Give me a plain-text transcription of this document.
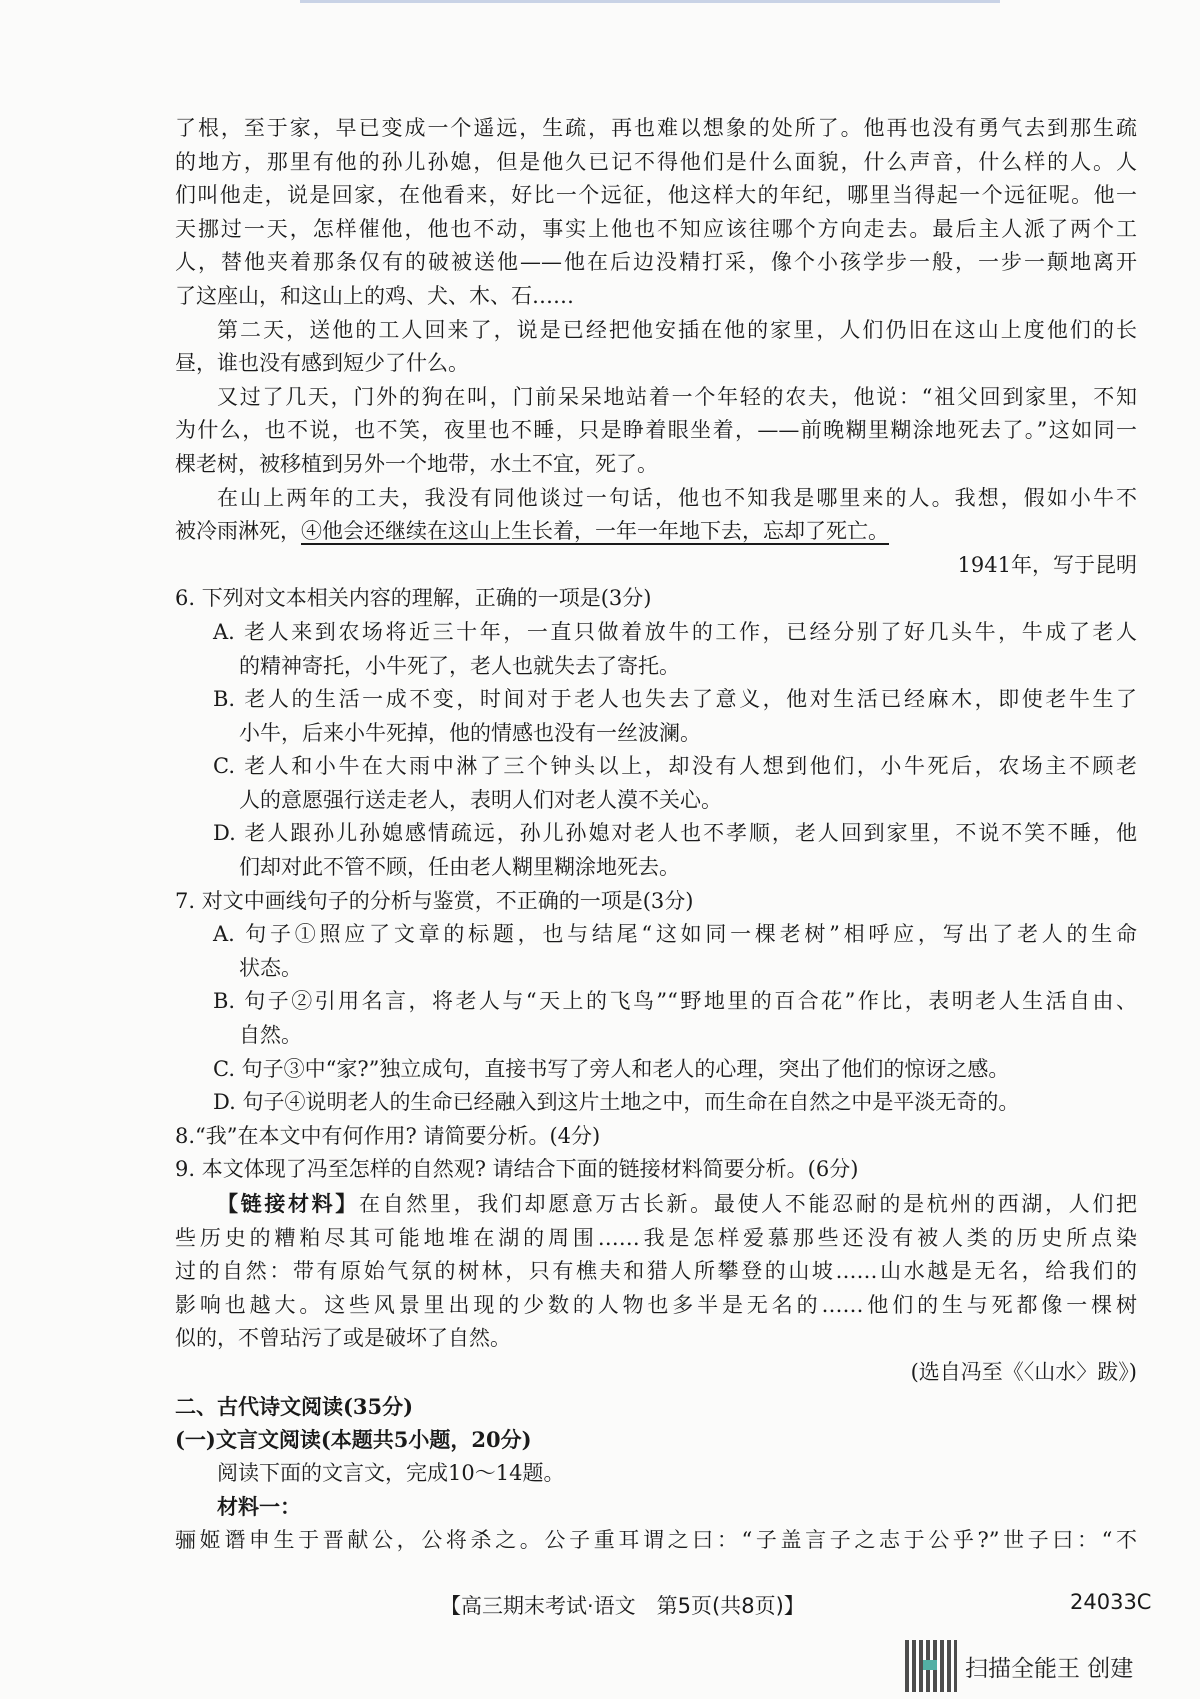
了根，至于家，早已变成一个遥远，生疏，再也难以想象的处所了。他再也没有勇气去到那生疏
的地方，那里有他的孙儿孙媳，但是他久已记不得他们是什么面貌，什么声音，什么样的人。人
们叫他走，说是回家，在他看来，好比一个远征，他这样大的年纪，哪里当得起一个远征呢。他一
天挪过一天，怎样催他，他也不动，事实上他也不知应该往哪个方向走去。最后主人派了两个工
人，替他夹着那条仅有的破被送他——他在后边没精打采，像个小孩学步一般，一步一颠地离开
了这座山，和这山上的鸡、犬、木、石……
第二天，送他的工人回来了，说是已经把他安插在他的家里，人们仍旧在这山上度他们的长
昼，谁也没有感到短少了什么。
又过了几天，门外的狗在叫，门前呆呆地站着一个年轻的农夫，他说：“祖父回到家里，不知
为什么，也不说，也不笑，夜里也不睡，只是睁着眼坐着，——前晚糊里糊涂地死去了。”这如同一
棵老树，被移植到另外一个地带，水土不宜，死了。
在山上两年的工夫，我没有同他谈过一句话，他也不知我是哪里来的人。我想，假如小牛不
被冷雨淋死，④他会还继续在这山上生长着，一年一年地下去，忘却了死亡。
1941年，写于昆明
6. 下列对文本相关内容的理解，正确的一项是(3分)
A. 老人来到农场将近三十年，一直只做着放牛的工作，已经分别了好几头牛，牛成了老人
的精神寄托，小牛死了，老人也就失去了寄托。
B. 老人的生活一成不变，时间对于老人也失去了意义，他对生活已经麻木，即使老牛生了
小牛，后来小牛死掉，他的情感也没有一丝波澜。
C. 老人和小牛在大雨中淋了三个钟头以上，却没有人想到他们，小牛死后，农场主不顾老
人的意愿强行送走老人，表明人们对老人漠不关心。
D. 老人跟孙儿孙媳感情疏远，孙儿孙媳对老人也不孝顺，老人回到家里，不说不笑不睡，他
们却对此不管不顾，任由老人糊里糊涂地死去。
7. 对文中画线句子的分析与鉴赏，不正确的一项是(3分)
A. 句子①照应了文章的标题，也与结尾“这如同一棵老树”相呼应，写出了老人的生命
状态。
B. 句子②引用名言，将老人与“天上的飞鸟”“野地里的百合花”作比，表明老人生活自由、
自然。
C. 句子③中“家?”独立成句，直接书写了旁人和老人的心理，突出了他们的惊讶之感。
D. 句子④说明老人的生命已经融入到这片土地之中，而生命在自然之中是平淡无奇的。
8.“我”在本文中有何作用? 请简要分析。(4分)
9. 本文体现了冯至怎样的自然观? 请结合下面的链接材料简要分析。(6分)
【链接材料】在自然里，我们却愿意万古长新。最使人不能忍耐的是杭州的西湖，人们把
些历史的糟粕尽其可能地堆在湖的周围……我是怎样爱慕那些还没有被人类的历史所点染
过的自然：带有原始气氛的树林，只有樵夫和猎人所攀登的山坡……山水越是无名，给我们的
影响也越大。这些风景里出现的少数的人物也多半是无名的……他们的生与死都像一棵树
似的，不曾玷污了或是破坏了自然。
(选自冯至《〈山水〉跋》)
二、古代诗文阅读(35分)
(一)文言文阅读(本题共5小题，20分)
阅读下面的文言文，完成10～14题。
材料一：
骊姬谮申生于晋献公，公将杀之。公子重耳谓之曰：“子盖言子之志于公乎?”世子曰：“不
【高三期末考试·语文　第5页(共8页)】	24033C
扫描全能王 创建
